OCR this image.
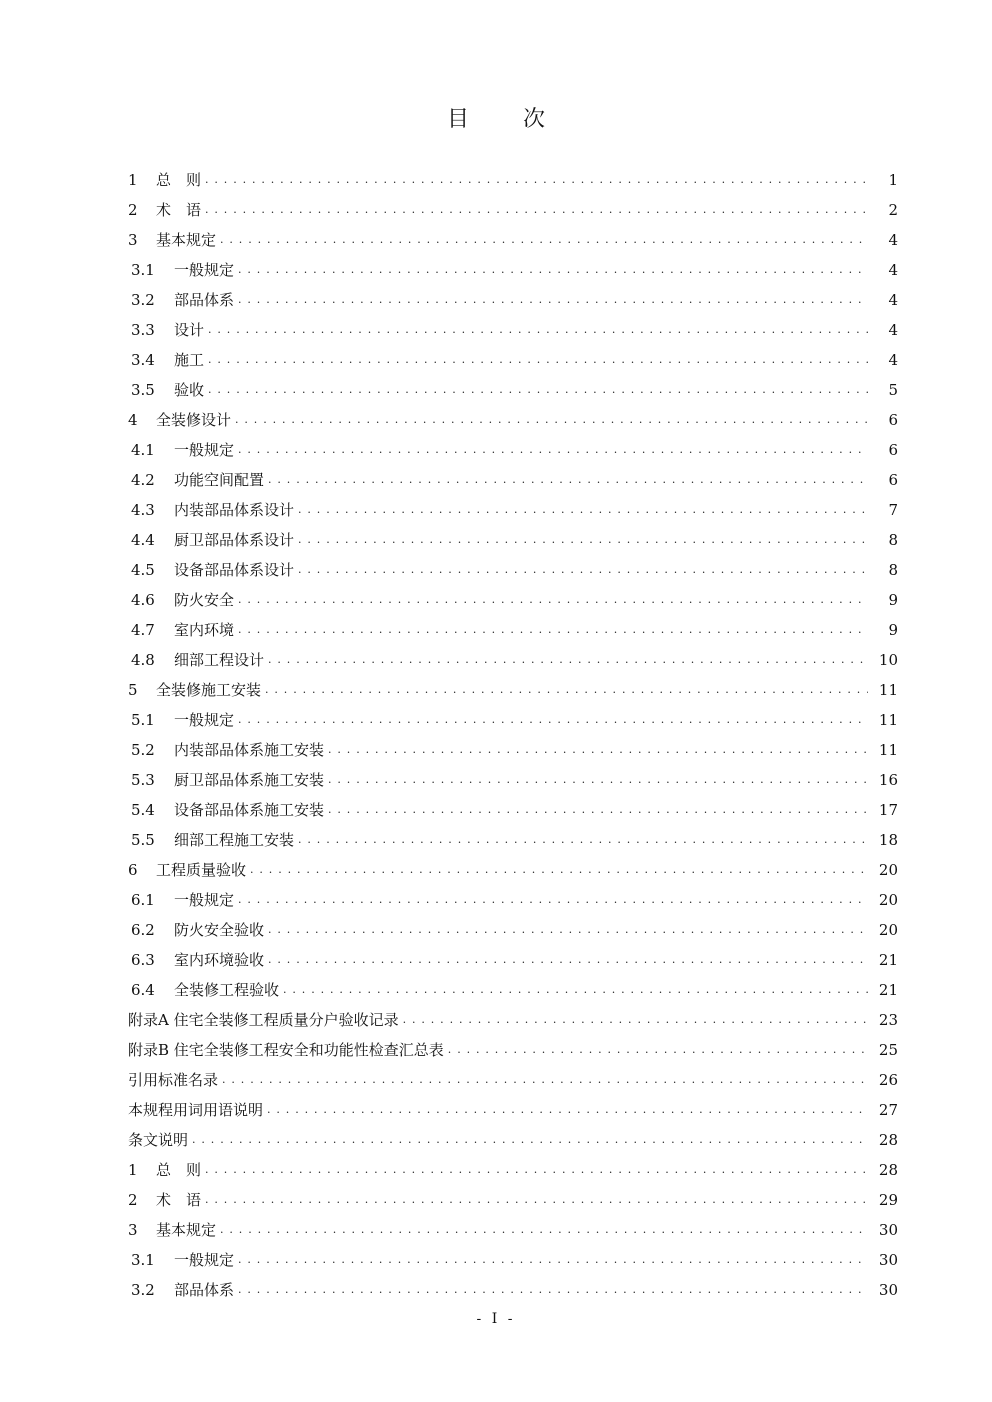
目　次
1	总　则 . . .	1
2	术　语 . . .	2
3	基本规定 . . .	4
3.1	一般规定 . . .	4
3.2	部品体系 . . .	4
3.3	设计 . . .	4
3.4	施工 . . .	4
3.5	验收 . . .	5
4	全装修设计 . . .	6
4.1	一般规定 . . .	6
4.2	功能空间配置 . . .	6
4.3	内装部品体系设计 . . .	7
4.4	厨卫部品体系设计 . . .	8
4.5	设备部品体系设计 . . .	8
4.6	防火安全 . . .	9
4.7	室内环境 . . .	9
4.8	细部工程设计 . . .	10
5	全装修施工安装 . . .	11
5.1	一般规定 . . .	11
5.2	内装部品体系施工安装 . . .	11
5.3	厨卫部品体系施工安装 . . .	16
5.4	设备部品体系施工安装 . . .	17
5.5	细部工程施工安装 . . .	18
6	工程质量验收 . . .	20
6.1	一般规定 . . .	20
6.2	防火安全验收 . . .	20
6.3	室内环境验收 . . .	21
6.4	全装修工程验收 . . .	21
附录A 住宅全装修工程质量分户验收记录 . . .	23
附录B 住宅全装修工程安全和功能性检查汇总表 . . .	25
引用标准名录 . . .	26
本规程用词用语说明 . . .	27
条文说明 . . .	28
1	总　则 . . .	28
2	术　语 . . .	29
3	基本规定 . . .	30
3.1	一般规定 . . .	30
3.2	部品体系 . . .	30
- I -
